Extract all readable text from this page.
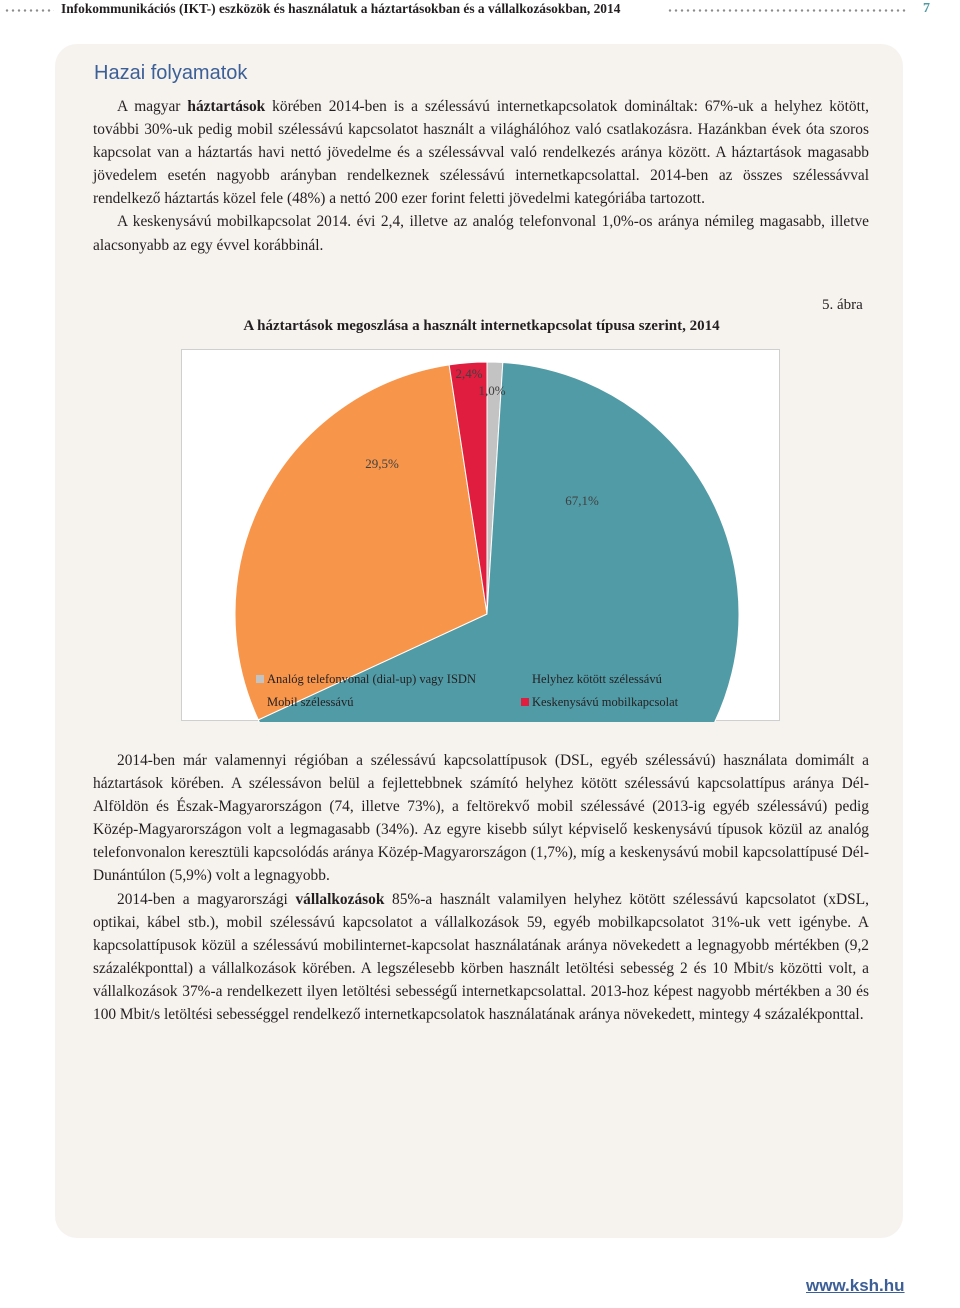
Infokommunikációs (IKT-) eszközök és használatuk a háztartásokban és a vállalkozásokban, 2014	7
Hazai folyamatok

A magyar háztartások körében 2014-ben is a szélessávú internetkapcsolatok domináltak: 67%-uk a helyhez kötött, további 30%-uk pedig mobil szélessávú kapcsolatot használt a világhálóhoz való csatlakozásra. Hazánkban évek óta szoros kapcsolat van a háztartás havi nettó jövedelme és a szélessávval való rendelkezés aránya között. A háztartások magasabb jövedelem esetén nagyobb arányban rendelkeznek szélessávú internetkapcsolattal. 2014-ben az összes szélessávval rendelkező háztartás közel fele (48%) a nettó 200 ezer forint feletti jövedelmi kategóriába tartozott.

A keskenysávú mobilkapcsolat 2014. évi 2,4, illetve az analóg telefonvonal 1,0%-os aránya némileg magasabb, illetve alacsonyabb az egy évvel korábbinál.

5. ábra
A háztartások megoszlása a használt internetkapcsolat típusa szerint, 2014
1,0%
67,1%
29,5%
2,4%
Analóg telefonvonal (dial-up) vagy ISDN	Helyhez kötött szélessávú
Mobil szélessávú	Keskenysávú mobilkapcsolat

2014-ben már valamennyi régióban a szélessávú kapcsolattípusok (DSL, egyéb szélessávú) használata domimált a háztartások körében. A szélessávon belül a fejlettebbnek számító helyhez kötött szélessávú kapcsolattípus aránya Dél-Alföldön és Észak-Magyarországon (74, illetve 73%), a feltörekvő mobil szélessávé (2013-ig egyéb szélessávú) pedig Közép-Magyarországon volt a legmagasabb (34%). Az egyre kisebb súlyt képviselő keskenysávú típusok közül az analóg telefonvonalon keresztüli kapcsolódás aránya Közép-Magyarországon (1,7%), míg a keskenysávú mobil kapcsolattípusé Dél-Dunántúlon (5,9%) volt a legnagyobb.

2014-ben a magyarországi vállalkozások 85%-a használt valamilyen helyhez kötött szélessávú kapcsolatot (xDSL, optikai, kábel stb.), mobil szélessávú kapcsolatot a vállalkozások 59, egyéb mobilkapcsolatot 31%-uk vett igénybe. A kapcsolattípusok közül a szélessávú mobilinternet-kapcsolat használatának aránya növekedett a legnagyobb mértékben (9,2 százalékponttal) a vállalkozások körében. A legszélesebb körben használt letöltési sebesség 2 és 10 Mbit/s közötti volt, a vállalkozások 37%-a rendelkezett ilyen letöltési sebességű internetkapcsolattal. 2013-hoz képest nagyobb mértékben a 30 és 100 Mbit/s letöltési sebességgel rendelkező internetkapcsolatok használatának aránya növekedett, mintegy 4 százalékponttal.

www.ksh.hu
